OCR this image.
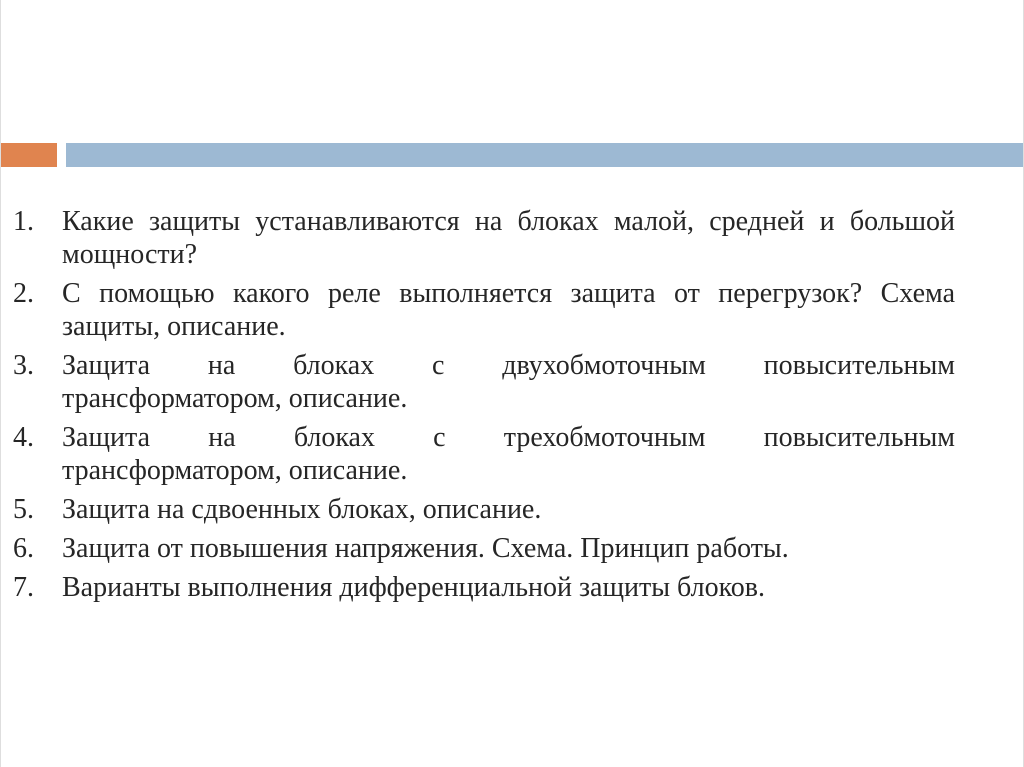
1.	Какие защиты устанавливаются на блоках малой, средней и большой
мощности?
2.	С помощью какого реле выполняется защита от перегрузок? Схема
защиты, описание.
3.	Защита на блоках с двухобмоточным повысительным
трансформатором, описание.
4.	Защита на блоках с трехобмоточным повысительным
трансформатором, описание.
5.	Защита на сдвоенных блоках, описание.
6.	Защита от повышения напряжения. Схема. Принцип работы.
7.	Варианты выполнения дифференциальной защиты блоков.
